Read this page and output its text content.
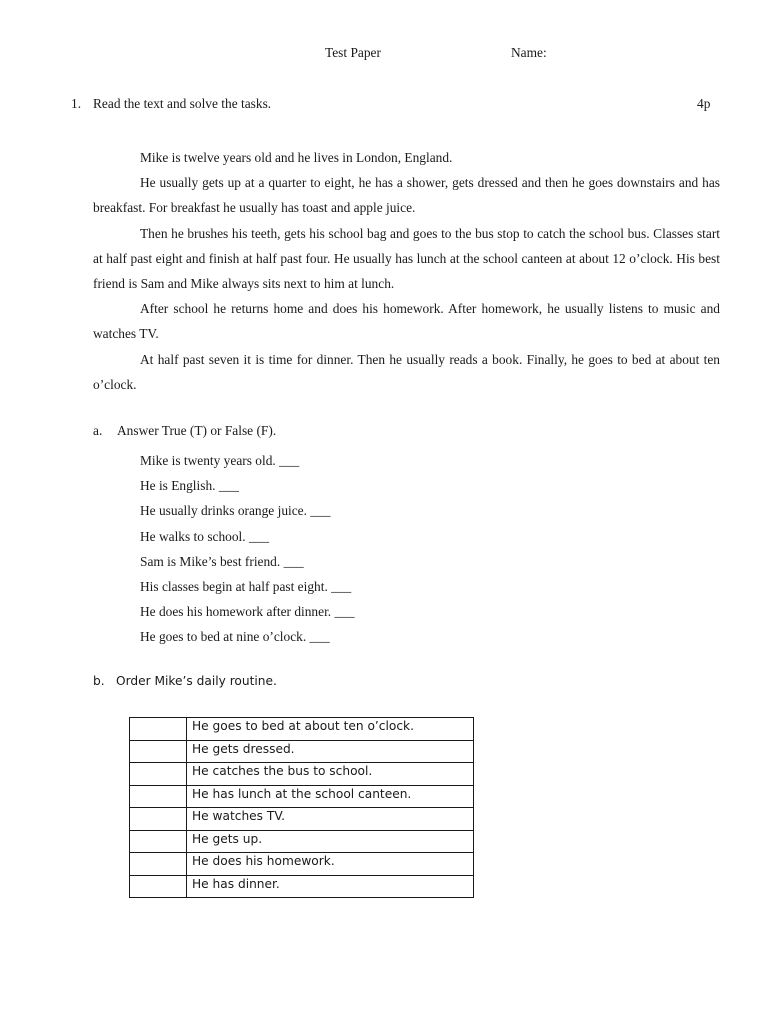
Test Paper	Name:
1. Read the text and solve the tasks.	4p

Mike is twelve years old and he lives in London, England.

He usually gets up at a quarter to eight, he has a shower, gets dressed and then he goes downstairs and has breakfast. For breakfast he usually has toast and apple juice.

Then he brushes his teeth, gets his school bag and goes to the bus stop to catch the school bus. Classes start at half past eight and finish at half past four. He usually has lunch at the school canteen at about 12 o’clock. His best friend is Sam and Mike always sits next to him at lunch.

After school he returns home and does his homework. After homework, he usually listens to music and watches TV.

At half past seven it is time for dinner. Then he usually reads a book. Finally, he goes to bed at about ten o’clock.

a. Answer True (T) or False (F).
Mike is twenty years old. ___
He is English. ___
He usually drinks orange juice. ___
He walks to school. ___
Sam is Mike’s best friend. ___
His classes begin at half past eight. ___
He does his homework after dinner. ___
He goes to bed at nine o’clock. ___
b. Order Mike’s daily routine.
	He goes to bed at about ten o’clock.
	He gets dressed.
	He catches the bus to school.
	He has lunch at the school canteen.
	He watches TV.
	He gets up.
	He does his homework.
	He has dinner.
